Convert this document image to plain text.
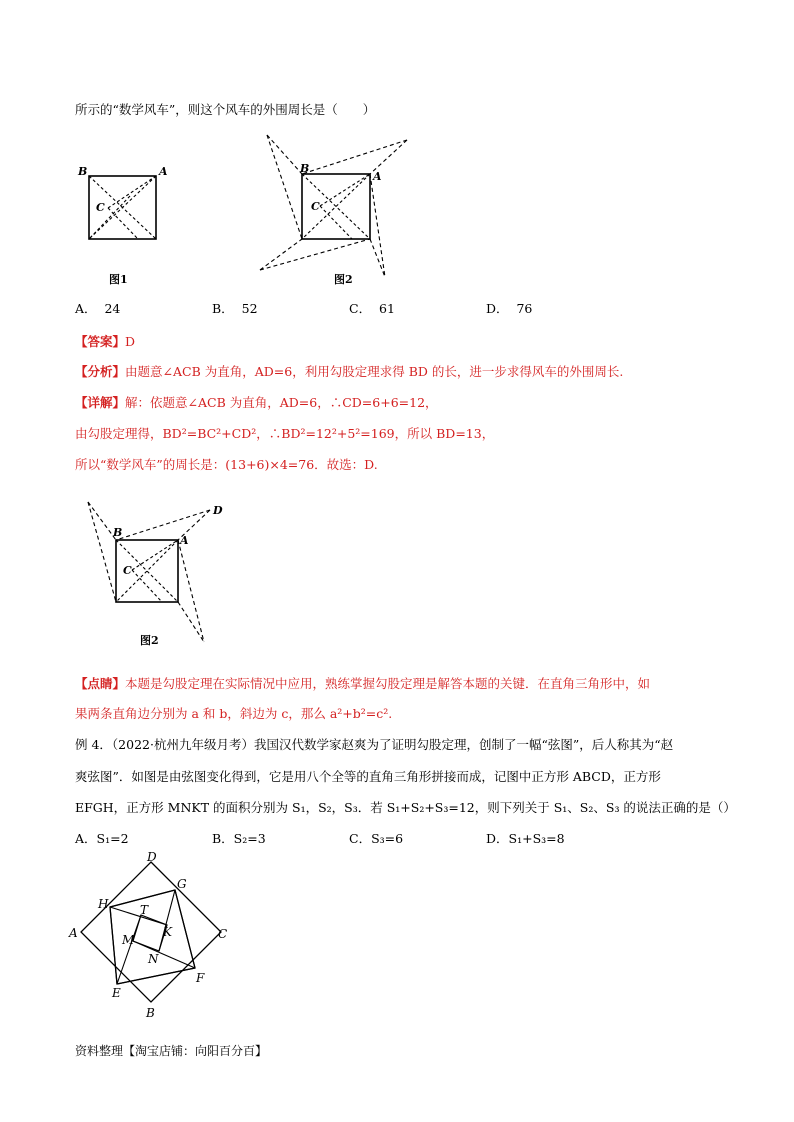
所示的“数学风车”，则这个风车的外围周长是（　　）
B	A
C
图1
B
A
C
图2
A． 24	B． 52	C． 61	D． 76
【答案】D
【分析】由题意∠ACB 为直角，AD=6，利用勾股定理求得 BD 的长，进一步求得风车的外围周长.
【详解】解：依题意∠ACB 为直角，AD=6，∴CD=6+6=12，
由勾股定理得，BD²=BC²+CD²，∴BD²=12²+5²=169，所以 BD=13，
所以“数学风车”的周长是：(13+6)×4=76．故选：D.
B
A
C
D
图2
【点睛】本题是勾股定理在实际情况中应用，熟练掌握勾股定理是解答本题的关键．在直角三角形中，如
果两条直角边分别为 a 和 b，斜边为 c，那么 a²+b²=c².
例 4．（2022·杭州九年级月考）我国汉代数学家赵爽为了证明勾股定理，创制了一幅“弦图”，后人称其为“赵
爽弦图”．如图是由弦图变化得到，它是用八个全等的直角三角形拼接而成，记图中正方形 ABCD，正方形
EFGH，正方形 MNKT 的面积分别为 S₁，S₂，S₃．若 S₁+S₂+S₃=12，则下列关于 S₁、S₂、S₃ 的说法正确的是（）
A．S₁=2	B．S₂=3	C．S₃=6	D．S₁+S₃=8
D
G
H
A	C
F
E
B
T
K
M
N
资料整理【淘宝店铺：向阳百分百】
